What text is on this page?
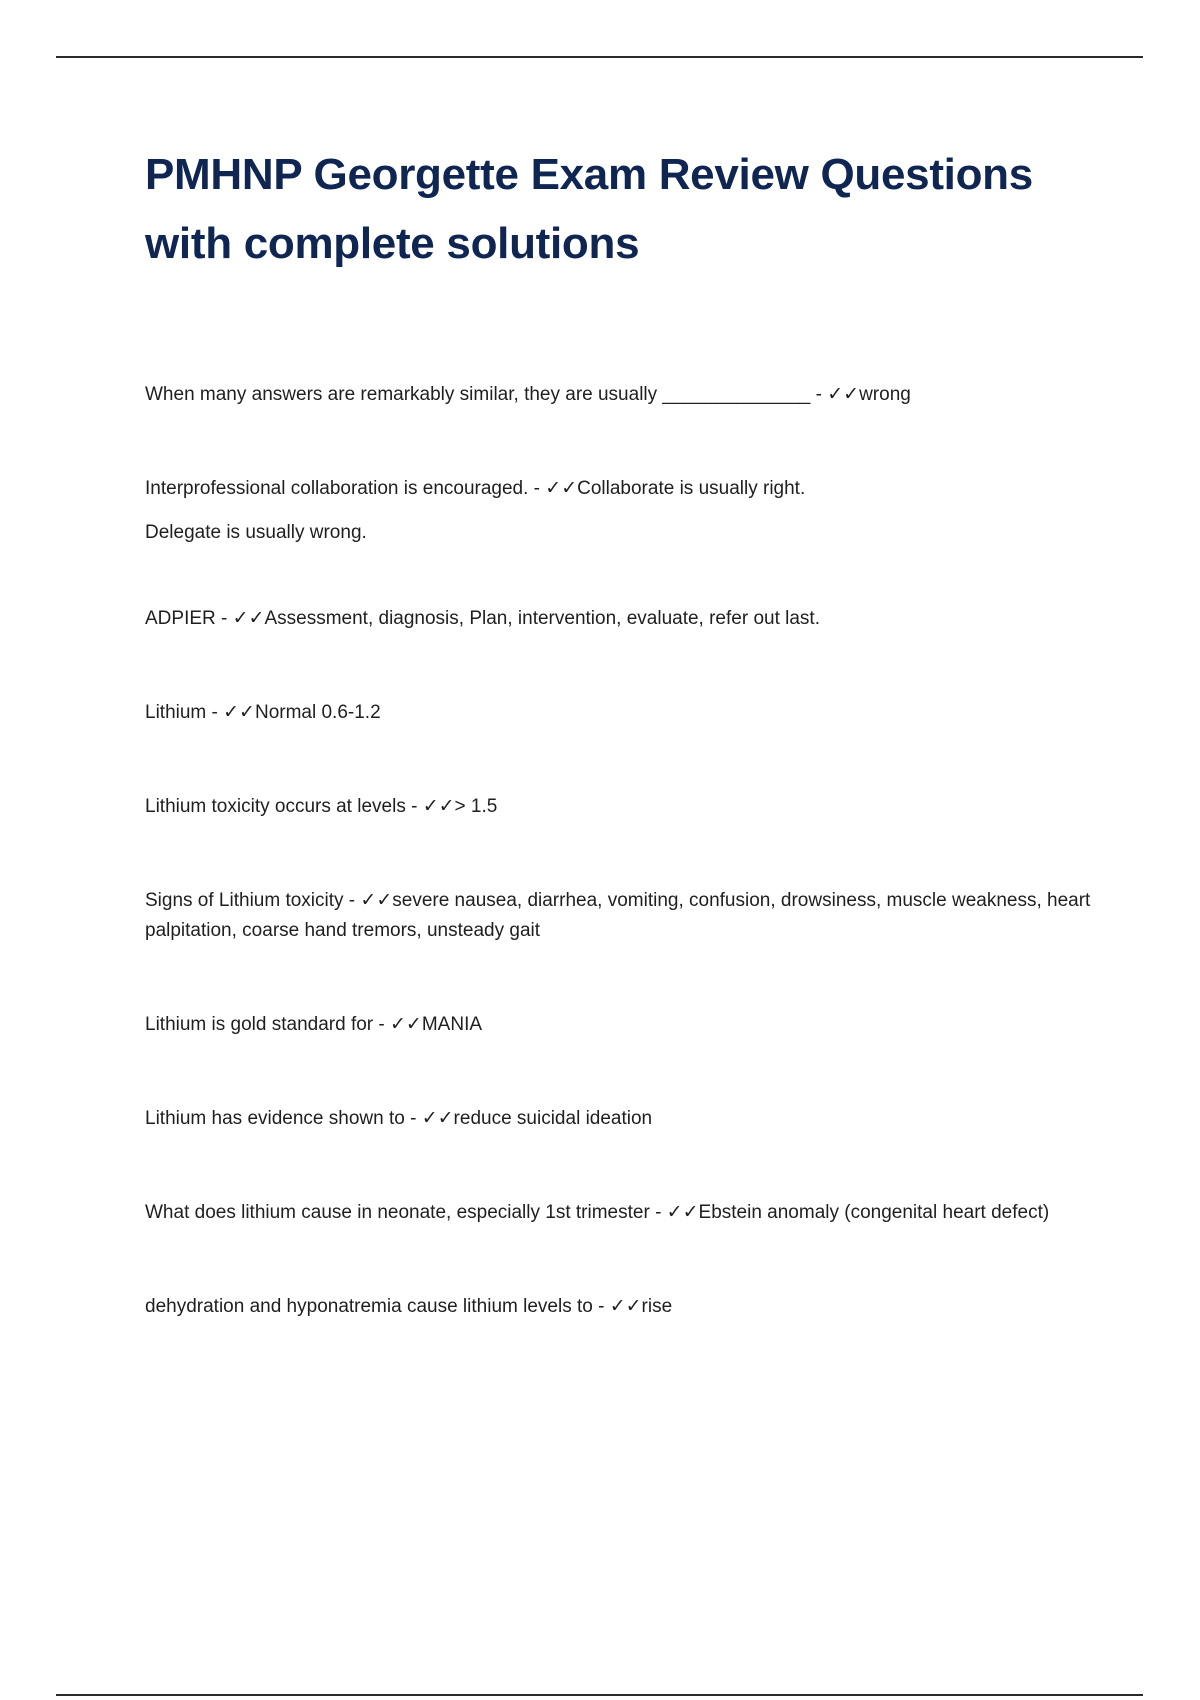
PMHNP Georgette Exam Review Questions with complete solutions
When many answers are remarkably similar, they are usually ______________ - ✓✓wrong
Interprofessional collaboration is encouraged. - ✓✓Collaborate is usually right.
Delegate is usually wrong.
ADPIER - ✓✓Assessment, diagnosis, Plan, intervention, evaluate, refer out last.
Lithium - ✓✓Normal 0.6-1.2
Lithium toxicity occurs at levels - ✓✓> 1.5
Signs of Lithium toxicity - ✓✓severe nausea, diarrhea, vomiting, confusion, drowsiness, muscle weakness, heart palpitation, coarse hand tremors, unsteady gait
Lithium is gold standard for - ✓✓MANIA
Lithium has evidence shown to - ✓✓reduce suicidal ideation
What does lithium cause in neonate, especially 1st trimester - ✓✓Ebstein anomaly (congenital heart defect)
dehydration and hyponatremia cause lithium levels to - ✓✓rise
